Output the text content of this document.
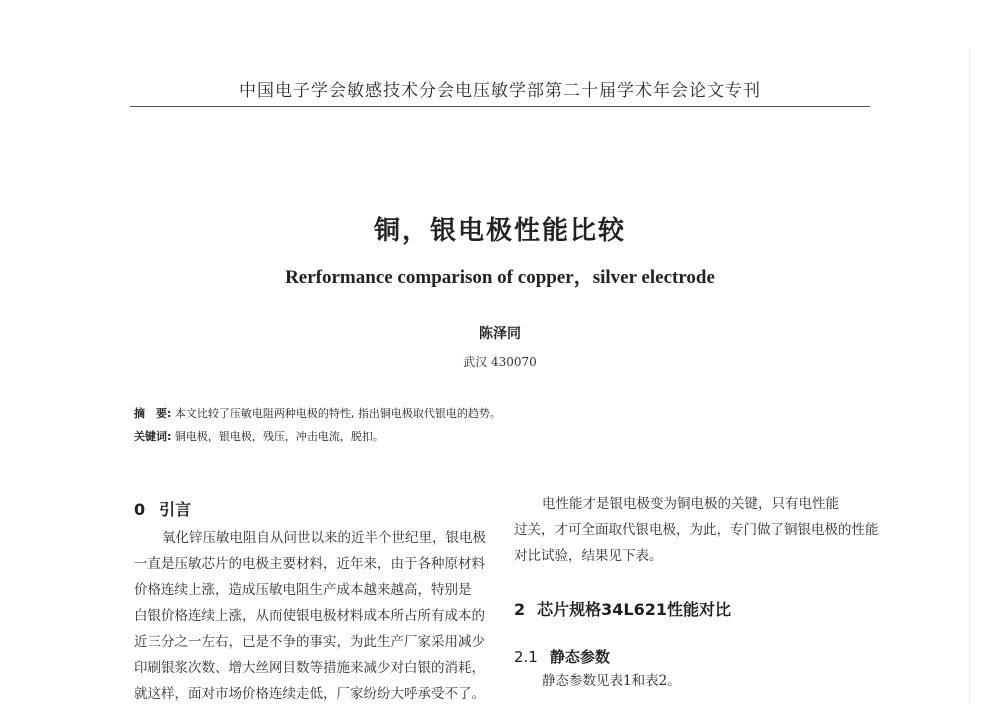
中国电子学会敏感技术分会电压敏学部第二十届学术年会论文专刊
铜，银电极性能比较
Rerformance comparison of copper，silver electrode
陈泽同
武汉 430070
摘　要: 本文比较了压敏电阻两种电极的特性, 指出铜电极取代银电的趋势。
关键词: 铜电极，银电极，残压，冲击电流，脱扣。
0 引言
氧化锌压敏电阻自从问世以来的近半个世纪里，银电极
一直是压敏芯片的电极主要材料，近年来，由于各种原材料
价格连续上涨，造成压敏电阻生产成本越来越高，特别是
白银价格连续上涨，从而使银电极材料成本所占所有成本的
近三分之一左右，已是不争的事实，为此生产厂家采用减少
印刷银浆次数、增大丝网目数等措施来减少对白银的消耗，
就这样，面对市场价格连续走低，厂家纷纷大呼承受不了。
电性能才是银电极变为铜电极的关键，只有电性能
过关，才可全面取代银电极，为此，专门做了铜银电极的性能
对比试验，结果见下表。
2 芯片规格34L621性能对比
2.1 静态参数
静态参数见表1和表2。
